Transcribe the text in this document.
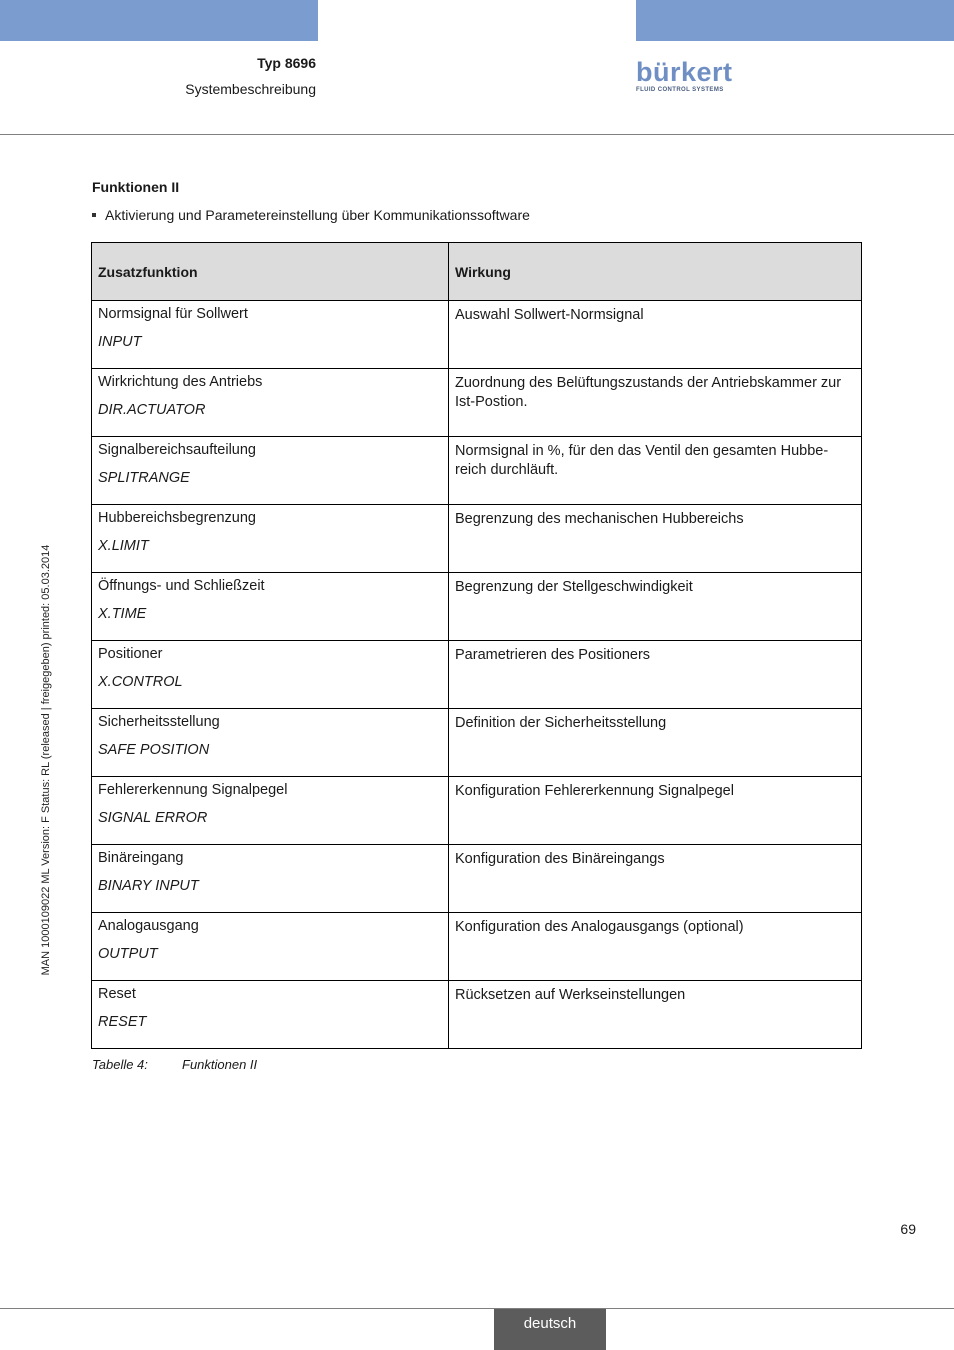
Typ 8696
Systembeschreibung
bürkert
FLUID CONTROL SYSTEMS
MAN 1000109022 ML Version: F Status: RL (released | freigegeben) printed: 05.03.2014
Funktionen II
Aktivierung und Parametereinstellung über Kommunikationssoftware
Zusatzfunktion	Wirkung

Normsignal für Sollwert
INPUT	Auswahl Sollwert-Normsignal

Wirkrichtung des Antriebs
DIR.ACTUATOR	Zuordnung des Belüftungszustands der Antriebskammer zur Ist-Postion.

Signalbereichsaufteilung
SPLITRANGE	Normsignal in %, für den das Ventil den gesamten Hubbe-reich durchläuft.

Hubbereichsbegrenzung
X.LIMIT	Begrenzung des mechanischen Hubbereichs

Öffnungs- und Schließzeit
X.TIME	Begrenzung der Stellgeschwindigkeit

Positioner
X.CONTROL	Parametrieren des Positioners

Sicherheitsstellung
SAFE POSITION	Definition der Sicherheitsstellung

Fehlererkennung Signalpegel
SIGNAL ERROR	Konfiguration Fehlererkennung Signalpegel

Binäreingang
BINARY INPUT	Konfiguration des Binäreingangs

Analogausgang
OUTPUT	Konfiguration des Analogausgangs (optional)

Reset
RESET	Rücksetzen auf Werkseinstellungen
Tabelle 4:	Funktionen II
69
deutsch
